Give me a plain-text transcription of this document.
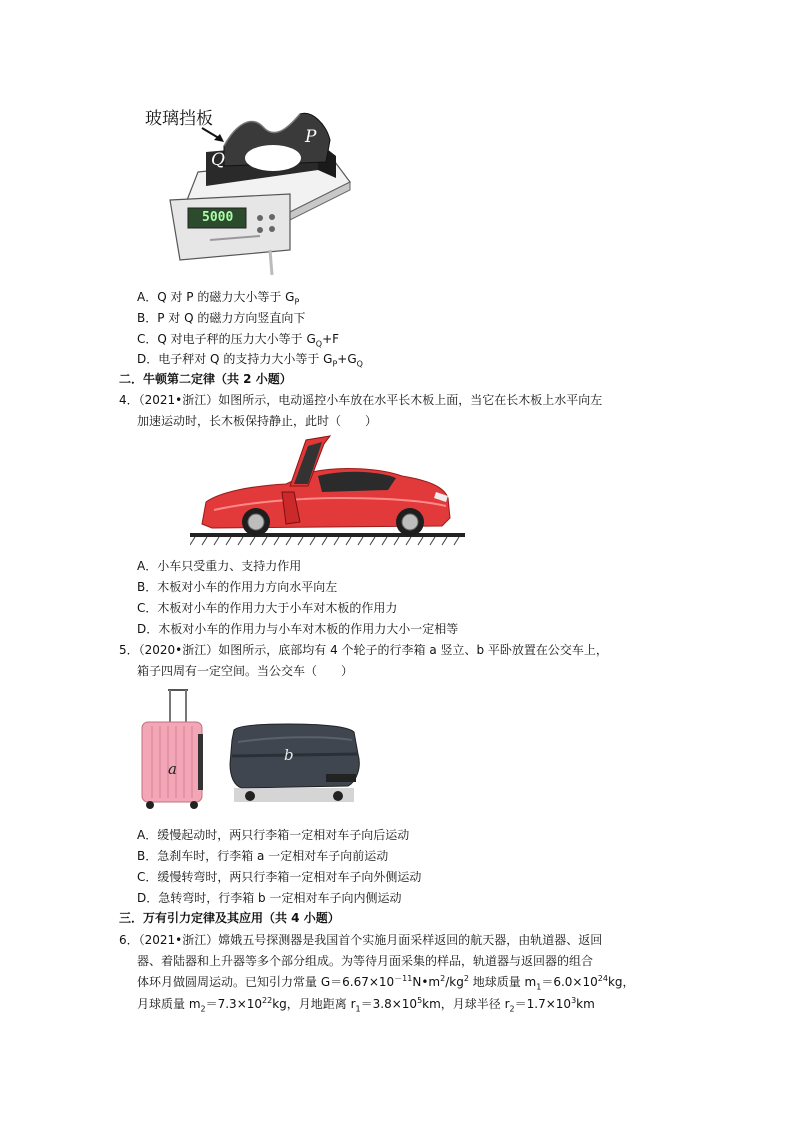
玻璃挡板
Q
P
5000
A．Q 对 P 的磁力大小等于 $G_P$
B．P 对 Q 的磁力方向竖直向下
C．Q 对电子秤的压力大小等于 $G_Q+F$
D．电子秤对 Q 的支持力大小等于 $G_P+G_Q$
二．牛顿第二定律（共 2 小题）
4．（2021•浙江）如图所示，电动遥控小车放在水平长木板上面，当它在长木板上水平向左
加速运动时，长木板保持静止，此时（　　）
A．小车只受重力、支持力作用
B．木板对小车的作用力方向水平向左
C．木板对小车的作用力大于小车对木板的作用力
D．木板对小车的作用力与小车对木板的作用力大小一定相等
5．（2020•浙江）如图所示，底部均有 4 个轮子的行李箱 a 竖立、b 平卧放置在公交车上，
箱子四周有一定空间。当公交车（　　）
a
b
A．缓慢起动时，两只行李箱一定相对车子向后运动
B．急刹车时，行李箱 a 一定相对车子向前运动
C．缓慢转弯时，两只行李箱一定相对车子向外侧运动
D．急转弯时，行李箱 b 一定相对车子向内侧运动
三．万有引力定律及其应用（共 4 小题）
6．（2021•浙江）嫦娥五号探测器是我国首个实施月面采样返回的航天器，由轨道器、返回
器、着陆器和上升器等多个部分组成。为等待月面采集的样品，轨道器与返回器的组合
体环月做圆周运动。已知引力常量 $G=6.67\times 10^{-11}N•m^2/kg^2$ 地球质量 $m_1=6.0\times 10^{24}kg$，
月球质量 $m_2=7.3\times 10^{22}kg$，月地距离 $r_1=3.8\times 10^5km$，月球半径 $r_2=1.7\times 10^3km$
